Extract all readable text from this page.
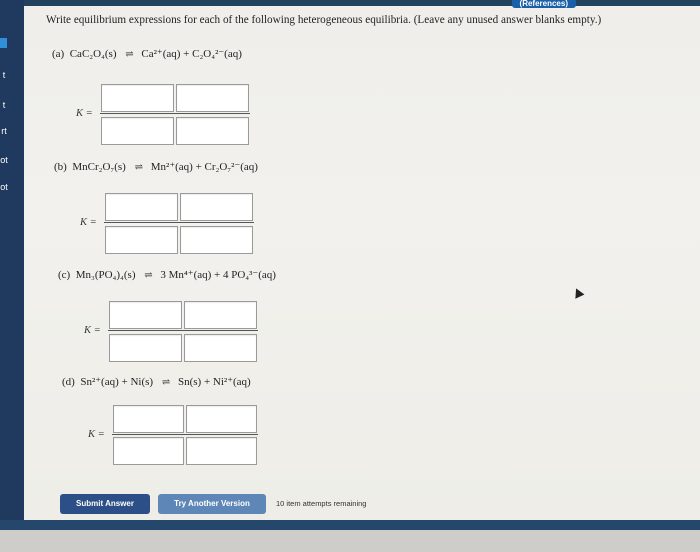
t
t
rt
ot
ot
(References)
Write equilibrium expressions for each of the following heterogeneous equilibria. (Leave any unused answer blanks empty.)
(a) CaC₂O₄(s) ⇌ Ca²⁺(aq) + C₂O₄²⁻(aq)
K =
(b) MnCr₂O₇(s) ⇌ Mn²⁺(aq) + Cr₂O₇²⁻(aq)
K =
(c) Mn₃(PO₄)₄(s) ⇌ 3 Mn⁴⁺(aq) + 4 PO₄³⁻(aq)
K =
(d) Sn²⁺(aq) + Ni(s) ⇌ Sn(s) + Ni²⁺(aq)
K =
Submit Answer	Try Another Version	10 item attempts remaining
